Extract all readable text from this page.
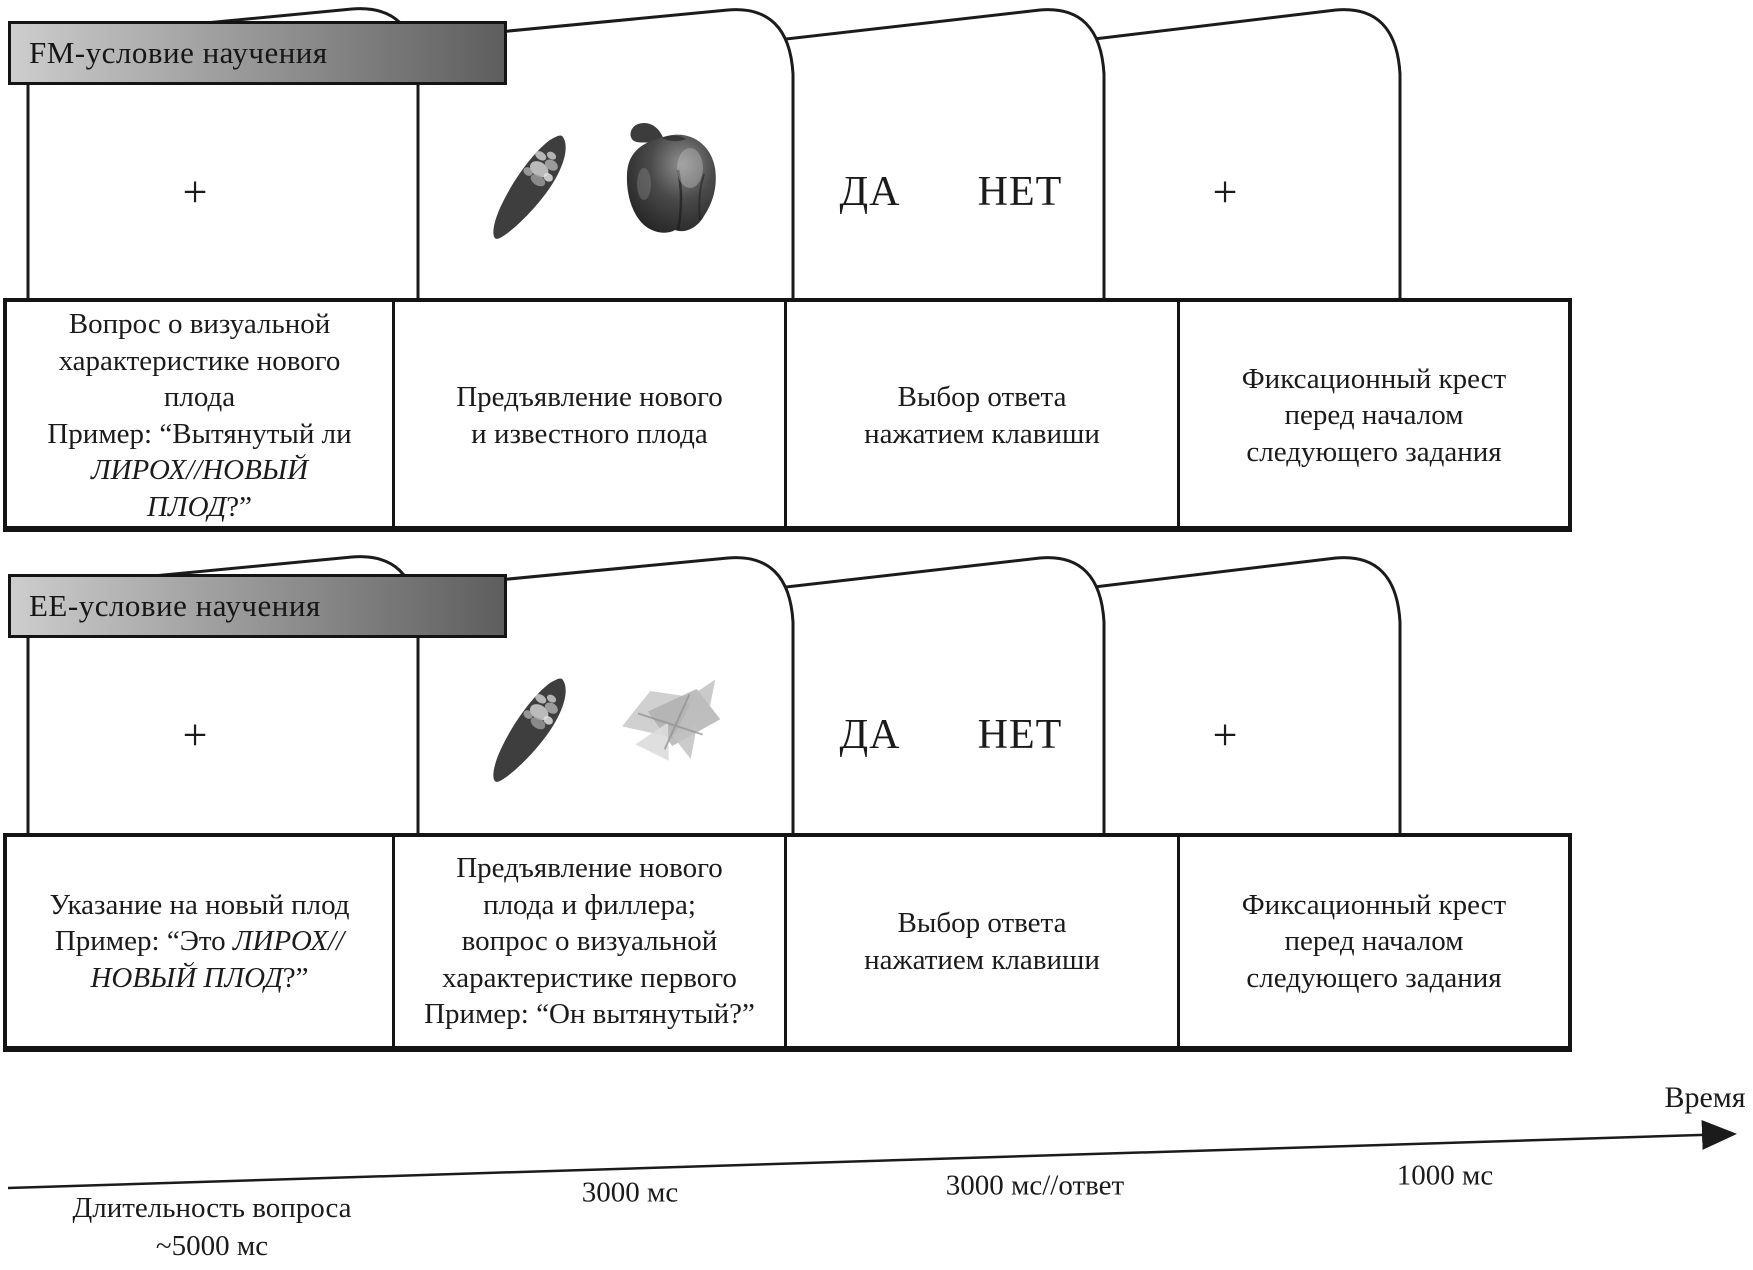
FM-условие научения
+	ДА НЕТ	+
Вопрос о визуальной
характеристике нового
плода
Пример: “Вытянутый ли
ЛИРОХ//НОВЫЙ
ПЛОД?”
Предъявление нового
и известного плода
Выбор ответа
нажатием клавиши
Фиксационный крест
перед началом
следующего задания
ЕЕ-условие научения
+	ДА НЕТ	+
Указание на новый плод
Пример: “Это ЛИРОХ//
НОВЫЙ ПЛОД?”
Предъявление нового
плода и филлера;
вопрос о визуальной
характеристике первого
Пример: “Он вытянутый?”
Выбор ответа
нажатием клавиши
Фиксационный крест
перед началом
следующего задания
Время
Длительность вопроса
~5000 мс
3000 мс	3000 мс//ответ	1000 мс
